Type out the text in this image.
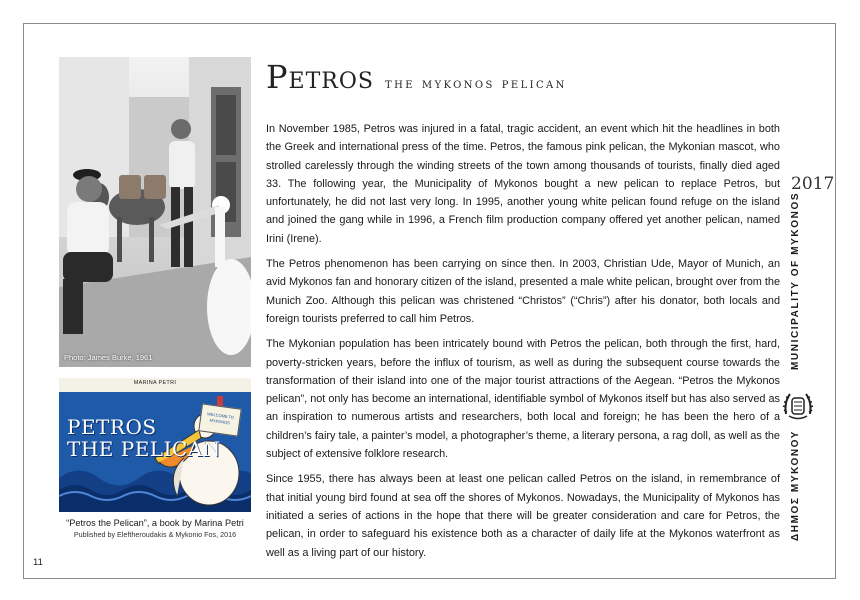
Photo: James Burke, 1961
MARINA PETRI
PETROS
THE PELICAN
WELCOME TO MYKONOS
“Petros the Pelican”, a book by Marina Petri
Published by Eleftheroudakis & Mykonio Fos, 2016
Petros the mykonos pelican

In November 1985, Petros was injured in a fatal, tragic accident, an event which hit the headlines in both the Greek and international press of the time. Petros, the famous pink pelican, the Mykonian mascot, who strolled carelessly through the winding streets of the town among thousands of tourists, finally died aged 33. The following year, the Municipality of Mykonos bought a new pelican to replace Petros, but unfortunately, he did not last very long. In 1995, another young white pelican found refuge on the island and joined the gang while in 1996, a French film production company offered yet another pelican, named Irini (Irene).

The Petros phenomenon has been carrying on since then. In 2003, Christian Ude, Mayor of Munich, an avid Mykonos fan and honorary citizen of the island, presented a male white pelican, brought over from the Munich Zoo. Although this pelican was christened “Christos” (“Chris”) after his donator, both locals and foreign tourists preferred to call him Petros.

The Mykonian population has been intricately bound with Petros the pelican, both through the first, hard, poverty-stricken years, before the influx of tourism, as well as during the subsequent course towards the transformation of their island into one of the major tourist attractions of the Aegean. “Petros the Mykonos pelican”, not only has become an international, identifiable symbol of Mykonos itself but has also served as an inspiration to numerous artists and researchers, both local and foreign; he has been the hero of a children’s fairy tale, a painter’s model, a photographer’s theme, a literary persona, a rag doll, as well as the subject of extensive folklore research.

Since 1955, there has always been at least one pelican called Petros on the island, in remembrance of that initial young bird found at sea off the shores of Mykonos. Nowadays, the Municipality of Mykonos has initiated a series of actions in the hope that there will be greater consideration and care for Petros, the pelican, in order to safeguard his existence both as a character of daily life at the Mykonos waterfront as well as a living part of our history.

2017
MUNICIPALITY OF MYKONOS
ΔΗΜΟΣ ΜΥΚΟΝΟΥ
11
